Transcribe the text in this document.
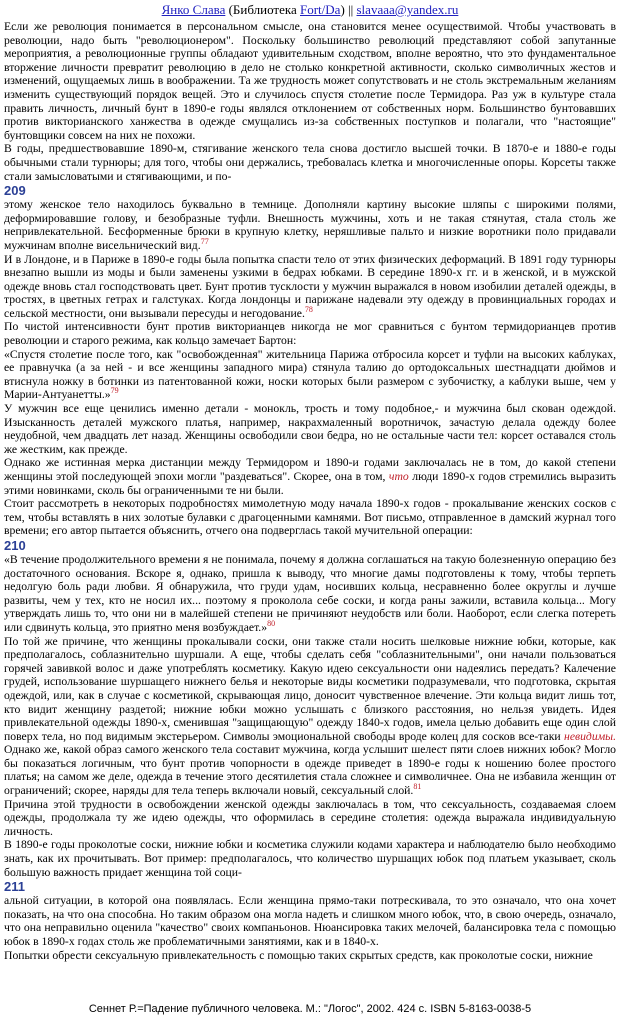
Янко Слава (Библиотека Fort/Da) || slavaaa@yandex.ru

Если же революция понимается в персональном смысле, она становится менее осуществимой. Чтобы участвовать в революции, надо быть "революционером". Поскольку большинство революций представляют собой запутанные мероприятия, а революционные группы обладают удивительным сходством, вполне вероятно, что это фундаментальное вторжение личности превратит революцию в дело не столько конкретной активности, сколько символичных жестов и изменений, ощущаемых лишь в воображении. Та же трудность может сопутствовать и не столь экстремальным желаниям изменить существующий порядок вещей. Это и случилось спустя столетие после Термидора. Раз уж в культуре стала править личность, личный бунт в 1890-е годы являлся отклонением от собственных норм. Большинство бунтовавших против викторианского ханжества в одежде смущались из-за собственных поступков и полагали, что "настоящие" бунтовщики совсем на них не похожи.

В годы, предшествовавшие 1890-м, стягивание женского тела снова достигло высшей точки. В 1870-е и 1880-е годы обычными стали турнюры; для того, чтобы они держались, требовалась клетка и многочисленные опоры. Корсеты также стали замысловатыми и стягивающими, и по-

209

этому женское тело находилось буквально в темнице. Дополняли картину высокие шляпы с широкими полями, деформировавшие голову, и безобразные туфли. Внешность мужчины, хоть и не такая стянутая, стала столь же непривлекательной. Бесформенные брюки в крупную клетку, неряшливые пальто и низкие воротники поло придавали мужчинам вполне висельнический вид.$^{77}$

И в Лондоне, и в Париже в 1890-е годы была попытка спасти тело от этих физических деформаций. В 1891 году турнюры внезапно вышли из моды и были заменены узкими в бедрах юбками. В середине 1890-х гг. и в женской, и в мужской одежде вновь стал господствовать цвет. Бунт против тусклости у мужчин выражался в новом изобилии деталей одежды, в тростях, в цветных гетрах и галстуках. Когда лондонцы и парижане надевали эту одежду в провинциальных городах и сельской местности, они вызывали пересуды и негодование.$^{78}$

По чистой интенсивности бунт против викторианцев никогда не мог сравниться с бунтом термидорианцев против революции и старого режима, как кольцо замечает Бартон:

«Спустя столетие после того, как "освобожденная" жительница Парижа отбросила корсет и туфли на высоких каблуках, ее правнучка (а за ней - и все женщины западного мира) стянула талию до ортодоксальных шестнадцати дюймов и втиснула ножку в ботинки из патентованной кожи, носки которых были размером с зубочистку, а каблуки выше, чем у Марии-Антуанетты.»$^{79}$

У мужчин все еще ценились именно детали - монокль, трость и тому подобное,- и мужчина был скован одеждой. Изысканность деталей мужского платья, например, накрахмаленный воротничок, зачастую делала одежду более неудобной, чем двадцать лет назад. Женщины освободили свои бедра, но не остальные части тел: корсет оставался столь же жестким, как прежде.

Однако же истинная мерка дистанции между Термидором и 1890-и годами заключалась не в том, до какой степени женщины этой последующей эпохи могли "раздеваться". Скорее, она в том, что люди 1890-х годов стремились выразить этими новинками, сколь бы ограниченными те ни были.

Стоит рассмотреть в некоторых подробностях мимолетную моду начала 1890-х годов - прокалывание женских сосков с тем, чтобы вставлять в них золотые булавки с драгоценными камнями. Вот письмо, отправленное в дамский журнал того времени; его автор пытается объяснить, отчего она подверглась такой мучительной операции:

210

«В течение продолжительного времени я не понимала, почему я должна соглашаться на такую болезненную операцию без достаточного основания. Вскоре я, однако, пришла к выводу, что многие дамы подготовлены к тому, чтобы терпеть недолгую боль ради любви. Я обнаружила, что груди удам, носивших кольца, несравненно более округлы и лучше развиты, чем у тех, кто не носил их... поэтому я проколола себе соски, и когда раны зажили, вставила кольца... Могу утверждать лишь то, что они ни в малейшей степени не причиняют неудобств или боли. Наоборот, если слегка потереть или сдвинуть кольца, это приятно меня возбуждает.»$^{80}$

По той же причине, что женщины прокалывали соски, они также стали носить шелковые нижние юбки, которые, как предполагалось, соблазнительно шуршали. А еще, чтобы сделать себя "соблазнительными", они начали пользоваться горячей завивкой волос и даже употреблять косметику. Какую идею сексуальности они надеялись передать? Калечение грудей, использование шуршащего нижнего белья и некоторые виды косметики подразумевали, что подготовка, скрытая одеждой, или, как в случае с косметикой, скрывающая лицо, доносит чувственное влечение. Эти кольца видит лишь тот, кто видит женщину раздетой; нижние юбки можно услышать с близкого расстояния, но нельзя увидеть. Идея привлекательной одежды 1890-х, сменившая "защищающую" одежду 1840-х годов, имела целью добавить еще один слой поверх тела, но под видимым экстерьером. Символы эмоциональной свободы вроде колец для сосков все-таки невидимы. Однако же, какой образ самого женского тела составит мужчина, когда услышит шелест пяти слоев нижних юбок? Могло бы показаться логичным, что бунт против чопорности в одежде приведет в 1890-е годы к ношению более простого платья; на самом же деле, одежда в течение этого десятилетия стала сложнее и символичнее. Она не избавила женщин от ограничений; скорее, наряды для тела теперь включали новый, сексуальный слой.$^{81}$

Причина этой трудности в освобождении женской одежды заключалась в том, что сексуальность, создаваемая слоем одежды, продолжала ту же идею одежды, что оформилась в середине столетия: одежда выражала индивидуальную личность.

В 1890-е годы проколотые соски, нижние юбки и косметика служили кодами характера и наблюдателю было необходимо знать, как их прочитывать. Вот пример: предполагалось, что количество шуршащих юбок под платьем указывает, сколь большую важность придает женщина той соци-

211

альной ситуации, в которой она появлялась. Если женщина прямо-таки потрескивала, то это означало, что она хочет показать, на что она способна. Но таким образом она могла надеть и слишком много юбок, что, в свою очередь, означало, что она неправильно оценила "качество" своих компаньонов. Нюансировка таких мелочей, балансировка тела с помощью юбок в 1890-х годах столь же проблематичными занятиями, как и в 1840-х.

Попытки обрести сексуальную привлекательность с помощью таких скрытых средств, как проколотые соски, нижние

Сеннет Р.=Падение публичного человека. М.: "Логос", 2002. 424 с. ISBN 5-8163-0038-5
